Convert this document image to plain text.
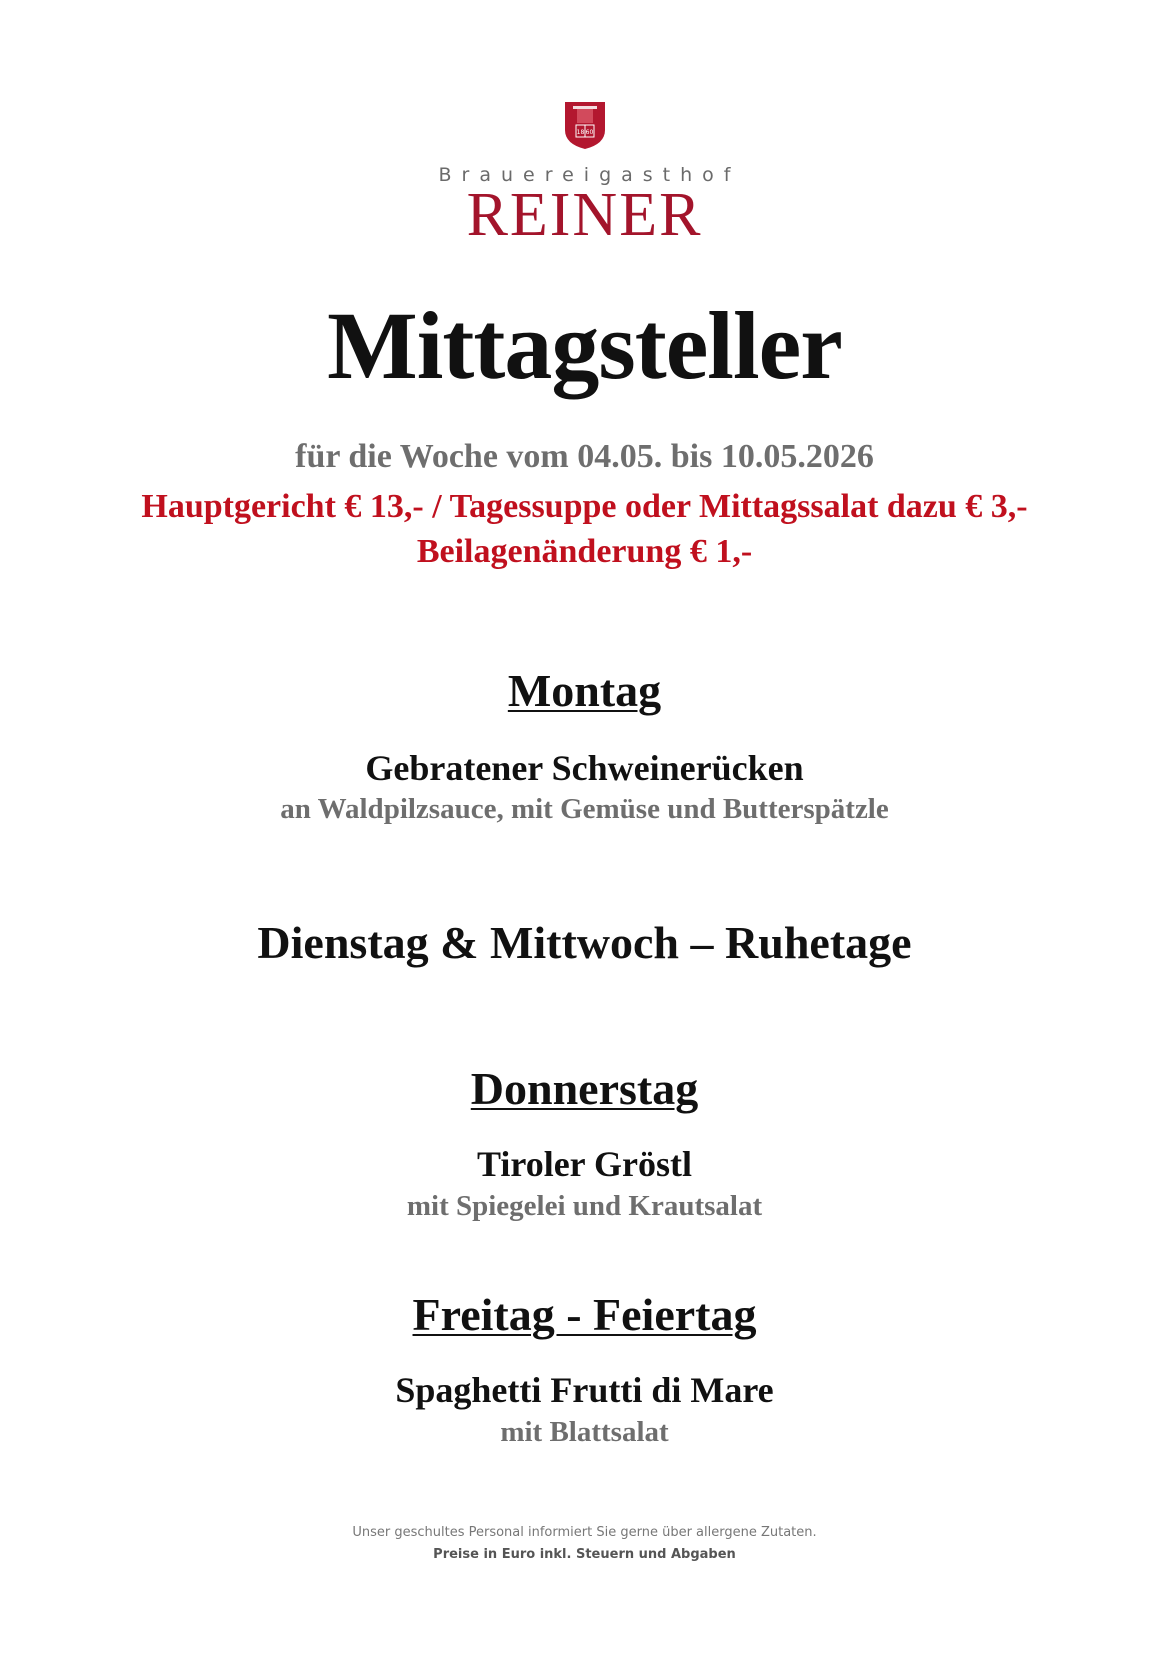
18 60
Brauereigasthof
REINER
Mittagsteller
für die Woche vom 04.05. bis 10.05.2026
Hauptgericht € 13,- / Tagessuppe oder Mittagssalat dazu € 3,-
Beilagenänderung € 1,-
Montag
Gebratener Schweinerücken
an Waldpilzsauce, mit Gemüse und Butterspätzle
Dienstag & Mittwoch – Ruhetage
Donnerstag
Tiroler Gröstl
mit Spiegelei und Krautsalat
Freitag - Feiertag
Spaghetti Frutti di Mare
mit Blattsalat
Unser geschultes Personal informiert Sie gerne über allergene Zutaten.
Preise in Euro inkl. Steuern und Abgaben
